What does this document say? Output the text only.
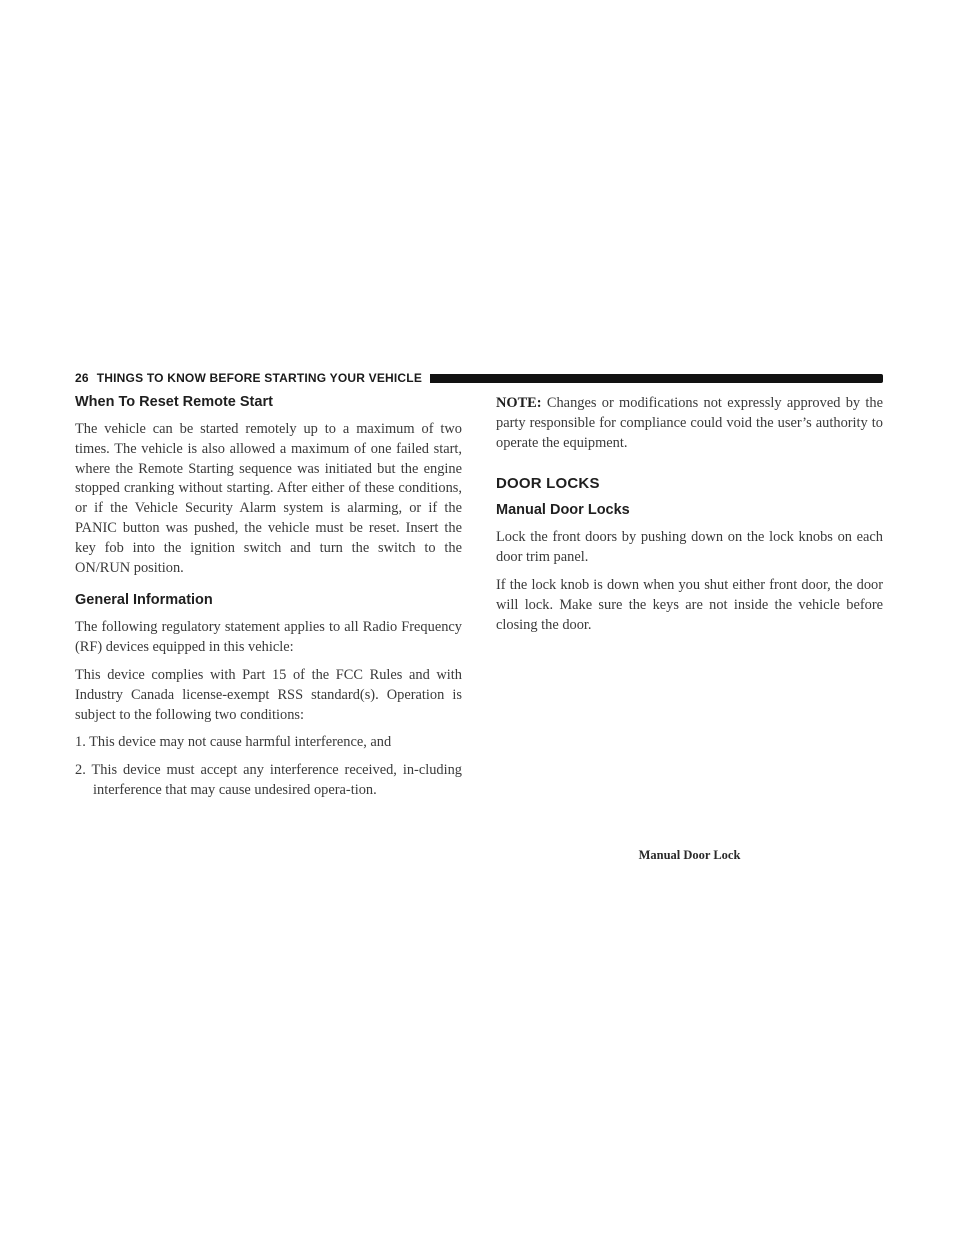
26 THINGS TO KNOW BEFORE STARTING YOUR VEHICLE
When To Reset Remote Start

The vehicle can be started remotely up to a maximum of two times. The vehicle is also allowed a maximum of one failed start, where the Remote Starting sequence was initiated but the engine stopped cranking without starting. After either of these conditions, or if the Vehicle Security Alarm system is alarming, or if the PANIC button was pushed, the vehicle must be reset. Insert the key fob into the ignition switch and turn the switch to the ON/RUN position.

General Information

The following regulatory statement applies to all Radio Frequency (RF) devices equipped in this vehicle:

This device complies with Part 15 of the FCC Rules and with Industry Canada license-exempt RSS standard(s). Operation is subject to the following two conditions:

1. This device may not cause harmful interference, and
2. This device must accept any interference received, in-cluding interference that may cause undesired opera-tion.

NOTE: Changes or modifications not expressly approved by the party responsible for compliance could void the user’s authority to operate the equipment.

DOOR LOCKS
Manual Door Locks

Lock the front doors by pushing down on the lock knobs on each door trim panel.

If the lock knob is down when you shut either front door, the door will lock. Make sure the keys are not inside the vehicle before closing the door.

Manual Door Lock
